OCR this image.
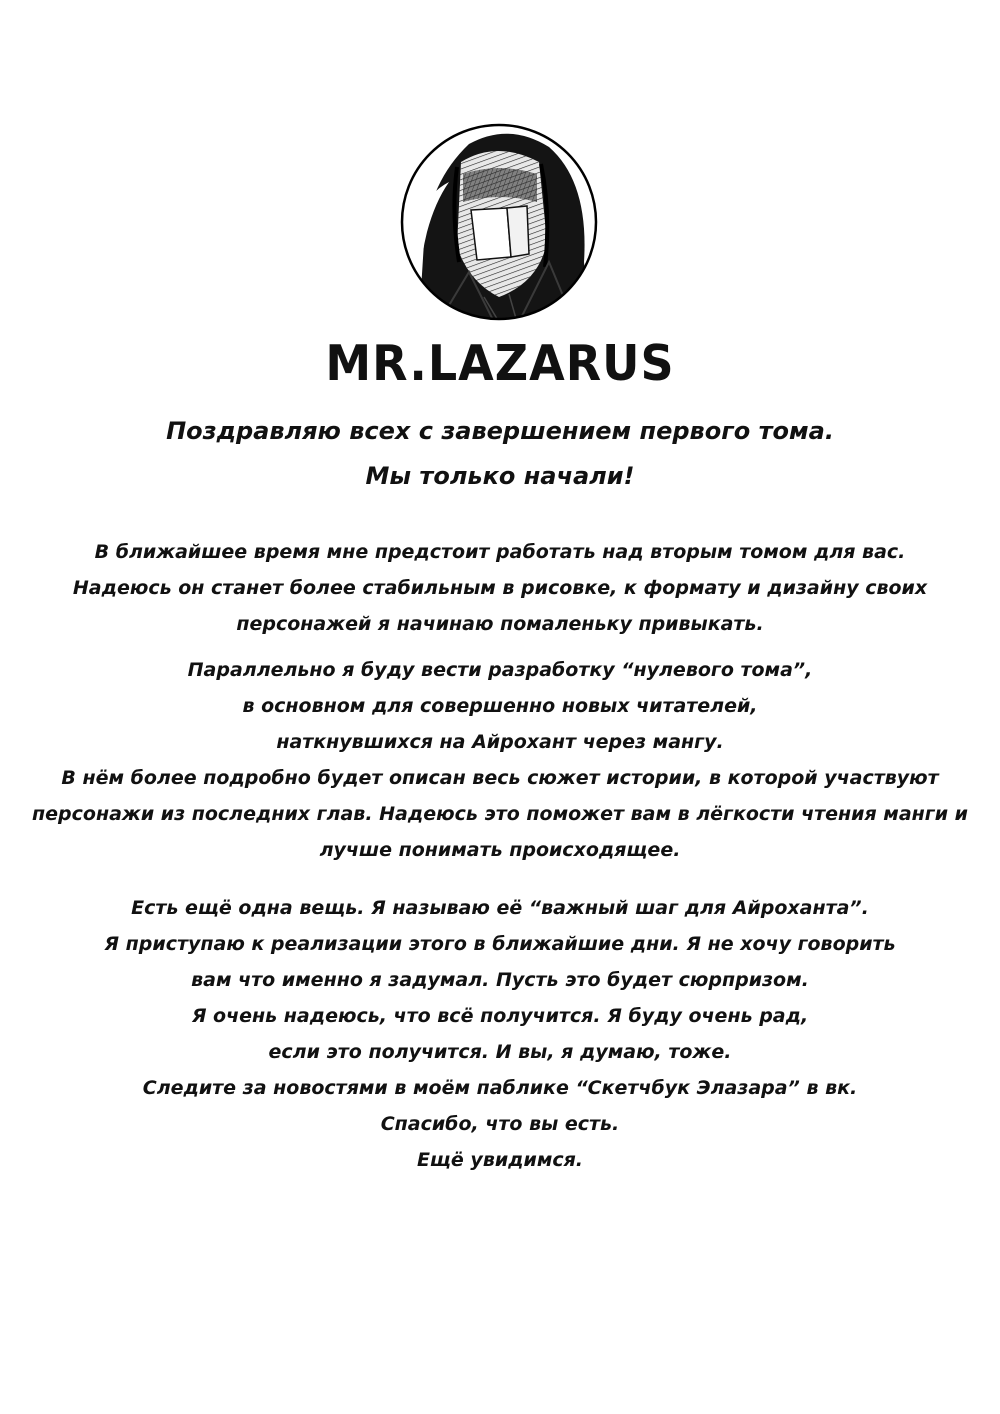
MR.LAZARUS
Поздравляю всех с завершением первого тома.
Мы только начали!
В ближайшее время мне предстоит работать над вторым томом для вас.
Надеюсь он станет более стабильным в рисовке, к формату и дизайну своих
персонажей я начинаю помаленьку привыкать.
Параллельно я буду вести разработку “нулевого тома”,
в основном для совершенно новых читателей,
наткнувшихся на Айрохант через мангу.
В нём более подробно будет описан весь сюжет истории, в которой участвуют
персонажи из последних глав. Надеюсь это поможет вам в лёгкости чтения манги и
лучше понимать происходящее.
Есть ещё одна вещь. Я называю её “важный шаг для Айроханта”.
Я приступаю к реализации этого в ближайшие дни. Я не хочу говорить
вам что именно я задумал. Пусть это будет сюрпризом.
Я очень надеюсь, что всё получится. Я буду очень рад,
если это получится. И вы, я думаю, тоже.
Следите за новостями в моём паблике “Скетчбук Элазара” в вк.
Спасибо, что вы есть.
Ещё увидимся.
